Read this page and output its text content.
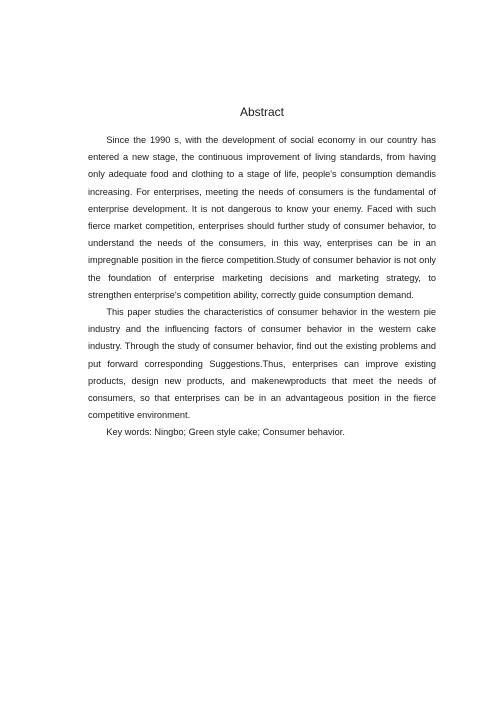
Abstract

Since the 1990 s, with the development of social economy in our country has entered a new stage, the continuous improvement of living standards, from having only adequate food and clothing to a stage of life, people's consumption demandis increasing. For enterprises, meeting the needs of consumers is the fundamental of enterprise development. It is not dangerous to know your enemy. Faced with such fierce market competition, enterprises should further study of consumer behavior, to understand the needs of the consumers, in this way, enterprises can be in an impregnable position in the fierce competition.Study of consumer behavior is not only the foundation of enterprise marketing decisions and marketing strategy, to strengthen enterprise's competition ability, correctly guide consumption demand.

This paper studies the characteristics of consumer behavior in the western pie industry and the influencing factors of consumer behavior in the western cake industry. Through the study of consumer behavior, find out the existing problems and put forward corresponding Suggestions.Thus, enterprises can improve existing products, design new products, and makenewproducts that meet the needs of consumers, so that enterprises can be in an advantageous position in the fierce competitive environment.

Key words: Ningbo; Green style cake; Consumer behavior.
